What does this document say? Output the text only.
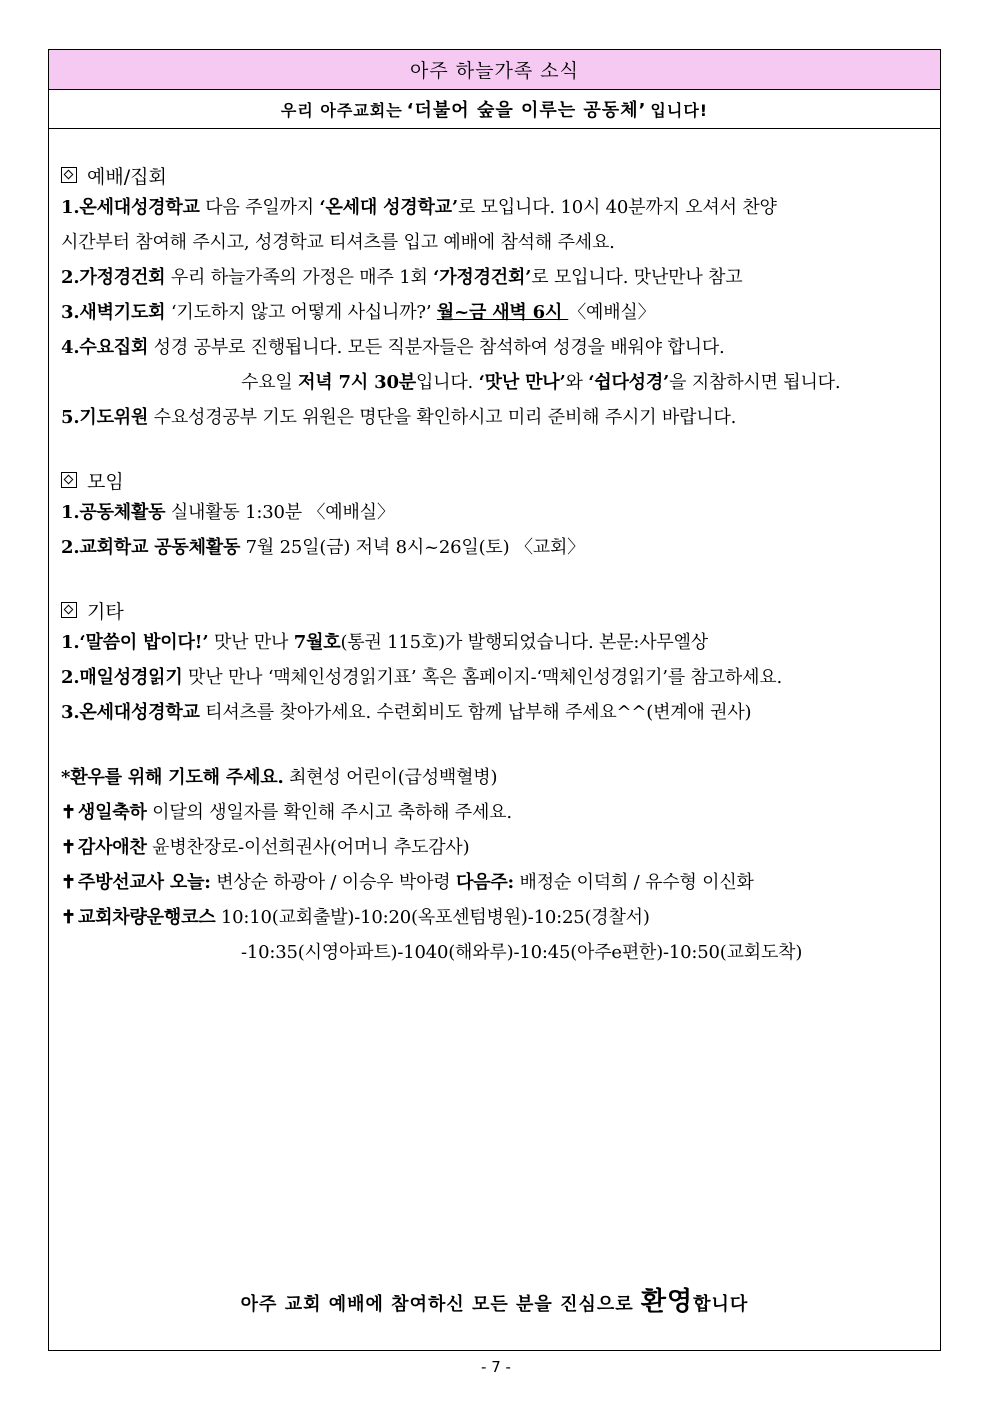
아주 하늘가족 소식
우리 아주교회는 ‘더불어 숲을 이루는 공동체’ 입니다!
예배/집회
1.온세대성경학교 다음 주일까지 ‘온세대 성경학교’로 모입니다. 10시 40분까지 오셔서 찬양
시간부터 참여해 주시고, 성경학교 티셔츠를 입고 예배에 참석해 주세요.
2.가정경건회 우리 하늘가족의 가정은 매주 1회 ‘가정경건회’로 모입니다. 맛난만나 참고
3.새벽기도회 ‘기도하지 않고 어떻게 사십니까?’ 월~금 새벽 6시 〈예배실〉
4.수요집회 성경 공부로 진행됩니다. 모든 직분자들은 참석하여 성경을 배워야 합니다.
수요일 저녁 7시 30분입니다. ‘맛난 만나’와 ‘쉽다성경’을 지참하시면 됩니다.
5.기도위원 수요성경공부 기도 위원은 명단을 확인하시고 미리 준비해 주시기 바랍니다.
모임
1.공동체활동 실내활동 1:30분 〈예배실〉
2.교회학교 공동체활동 7월 25일(금) 저녁 8시~26일(토) 〈교회〉
기타
1.‘말씀이 밥이다!’ 맛난 만나 7월호(통권 115호)가 발행되었습니다. 본문:사무엘상
2.매일성경읽기 맛난 만나 ‘맥체인성경읽기표’ 혹은 홈페이지-‘맥체인성경읽기’를 참고하세요.
3.온세대성경학교 티셔츠를 찾아가세요. 수련회비도 함께 납부해 주세요^^(변계애 권사)
*환우를 위해 기도해 주세요. 최현성 어린이(급성백혈병)
✝ 생일축하 이달의 생일자를 확인해 주시고 축하해 주세요.
✝ 감사애찬 윤병찬장로-이선희권사(어머니 추도감사)
✝ 주방선교사 오늘: 변상순 하광아 / 이승우 박아령 다음주: 배정순 이덕희 / 유수형 이신화
✝ 교회차량운행코스 10:10(교회출발)-10:20(옥포센텀병원)-10:25(경찰서)
-10:35(시영아파트)-1040(해와루)-10:45(아주e편한)-10:50(교회도착)
아주 교회 예배에 참여하신 모든 분을 진심으로 환영합니다
- 7 -
